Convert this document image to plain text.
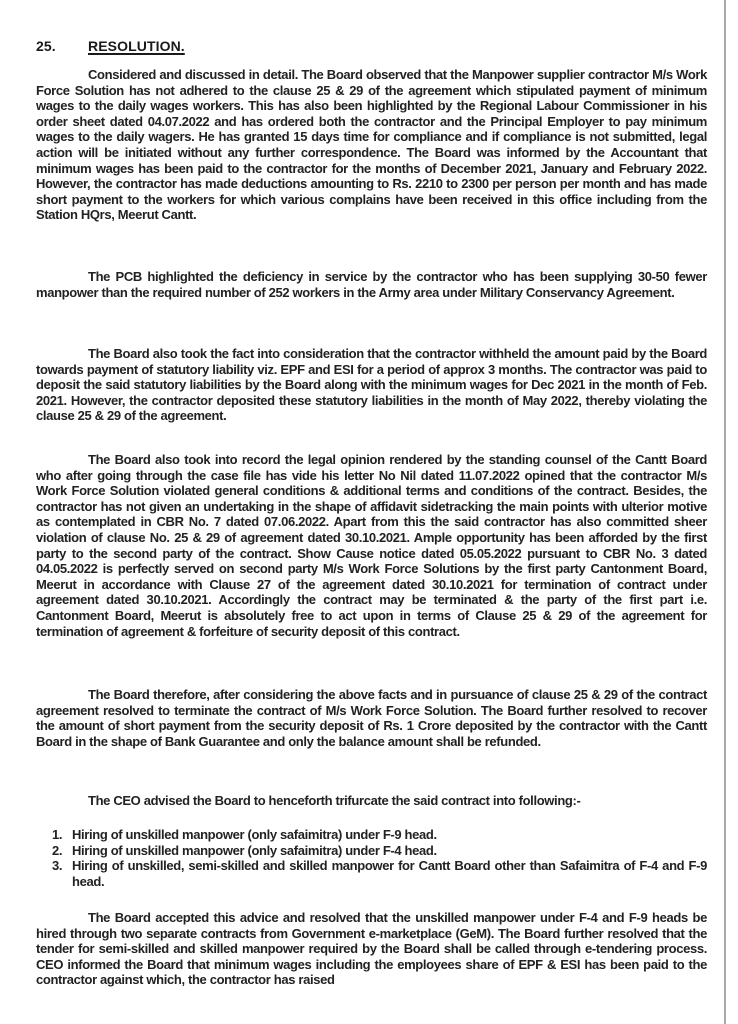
25. RESOLUTION.

Considered and discussed in detail. The Board observed that the Manpower supplier contractor M/s Work Force Solution has not adhered to the clause 25 & 29 of the agreement which stipulated payment of minimum wages to the daily wages workers. This has also been highlighted by the Regional Labour Commissioner in his order sheet dated 04.07.2022 and has ordered both the contractor and the Principal Employer to pay minimum wages to the daily wagers. He has granted 15 days time for compliance and if compliance is not submitted, legal action will be initiated without any further correspondence. The Board was informed by the Accountant that minimum wages has been paid to the contractor for the months of December 2021, January and February 2022. However, the contractor has made deductions amounting to Rs. 2210 to 2300 per person per month and has made short payment to the workers for which various complains have been received in this office including from the Station HQrs, Meerut Cantt.

The PCB highlighted the deficiency in service by the contractor who has been supplying 30-50 fewer manpower than the required number of 252 workers in the Army area under Military Conservancy Agreement.

The Board also took the fact into consideration that the contractor withheld the amount paid by the Board towards payment of statutory liability viz. EPF and ESI for a period of approx 3 months. The contractor was paid to deposit the said statutory liabilities by the Board along with the minimum wages for Dec 2021 in the month of Feb. 2021. However, the contractor deposited these statutory liabilities in the month of May 2022, thereby violating the clause 25 & 29 of the agreement.

The Board also took into record the legal opinion rendered by the standing counsel of the Cantt Board who after going through the case file has vide his letter No Nil dated 11.07.2022 opined that the contractor M/s Work Force Solution violated general conditions & additional terms and conditions of the contract. Besides, the contractor has not given an undertaking in the shape of affidavit sidetracking the main points with ulterior motive as contemplated in CBR No. 7 dated 07.06.2022. Apart from this the said contractor has also committed sheer violation of clause No. 25 & 29 of agreement dated 30.10.2021. Ample opportunity has been afforded by the first party to the second party of the contract. Show Cause notice dated 05.05.2022 pursuant to CBR No. 3 dated 04.05.2022 is perfectly served on second party M/s Work Force Solutions by the first party Cantonment Board, Meerut in accordance with Clause 27 of the agreement dated 30.10.2021 for termination of contract under agreement dated 30.10.2021. Accordingly the contract may be terminated & the party of the first part i.e. Cantonment Board, Meerut is absolutely free to act upon in terms of Clause 25 & 29 of the agreement for termination of agreement & forfeiture of security deposit of this contract.

The Board therefore, after considering the above facts and in pursuance of clause 25 & 29 of the contract agreement resolved to terminate the contract of M/s Work Force Solution. The Board further resolved to recover the amount of short payment from the security deposit of Rs. 1 Crore deposited by the contractor with the Cantt Board in the shape of Bank Guarantee and only the balance amount shall be refunded.

The CEO advised the Board to henceforth trifurcate the said contract into following:-
1. Hiring of unskilled manpower (only safaimitra) under F-9 head.
2. Hiring of unskilled manpower (only safaimitra) under F-4 head.
3. Hiring of unskilled, semi-skilled and skilled manpower for Cantt Board other than Safaimitra of F-4 and F-9 head.

The Board accepted this advice and resolved that the unskilled manpower under F-4 and F-9 heads be hired through two separate contracts from Government e-marketplace (GeM). The Board further resolved that the tender for semi-skilled and skilled manpower required by the Board shall be called through e-tendering process. CEO informed the Board that minimum wages including the employees share of EPF & ESI has been paid to the contractor against which, the contractor has raised
